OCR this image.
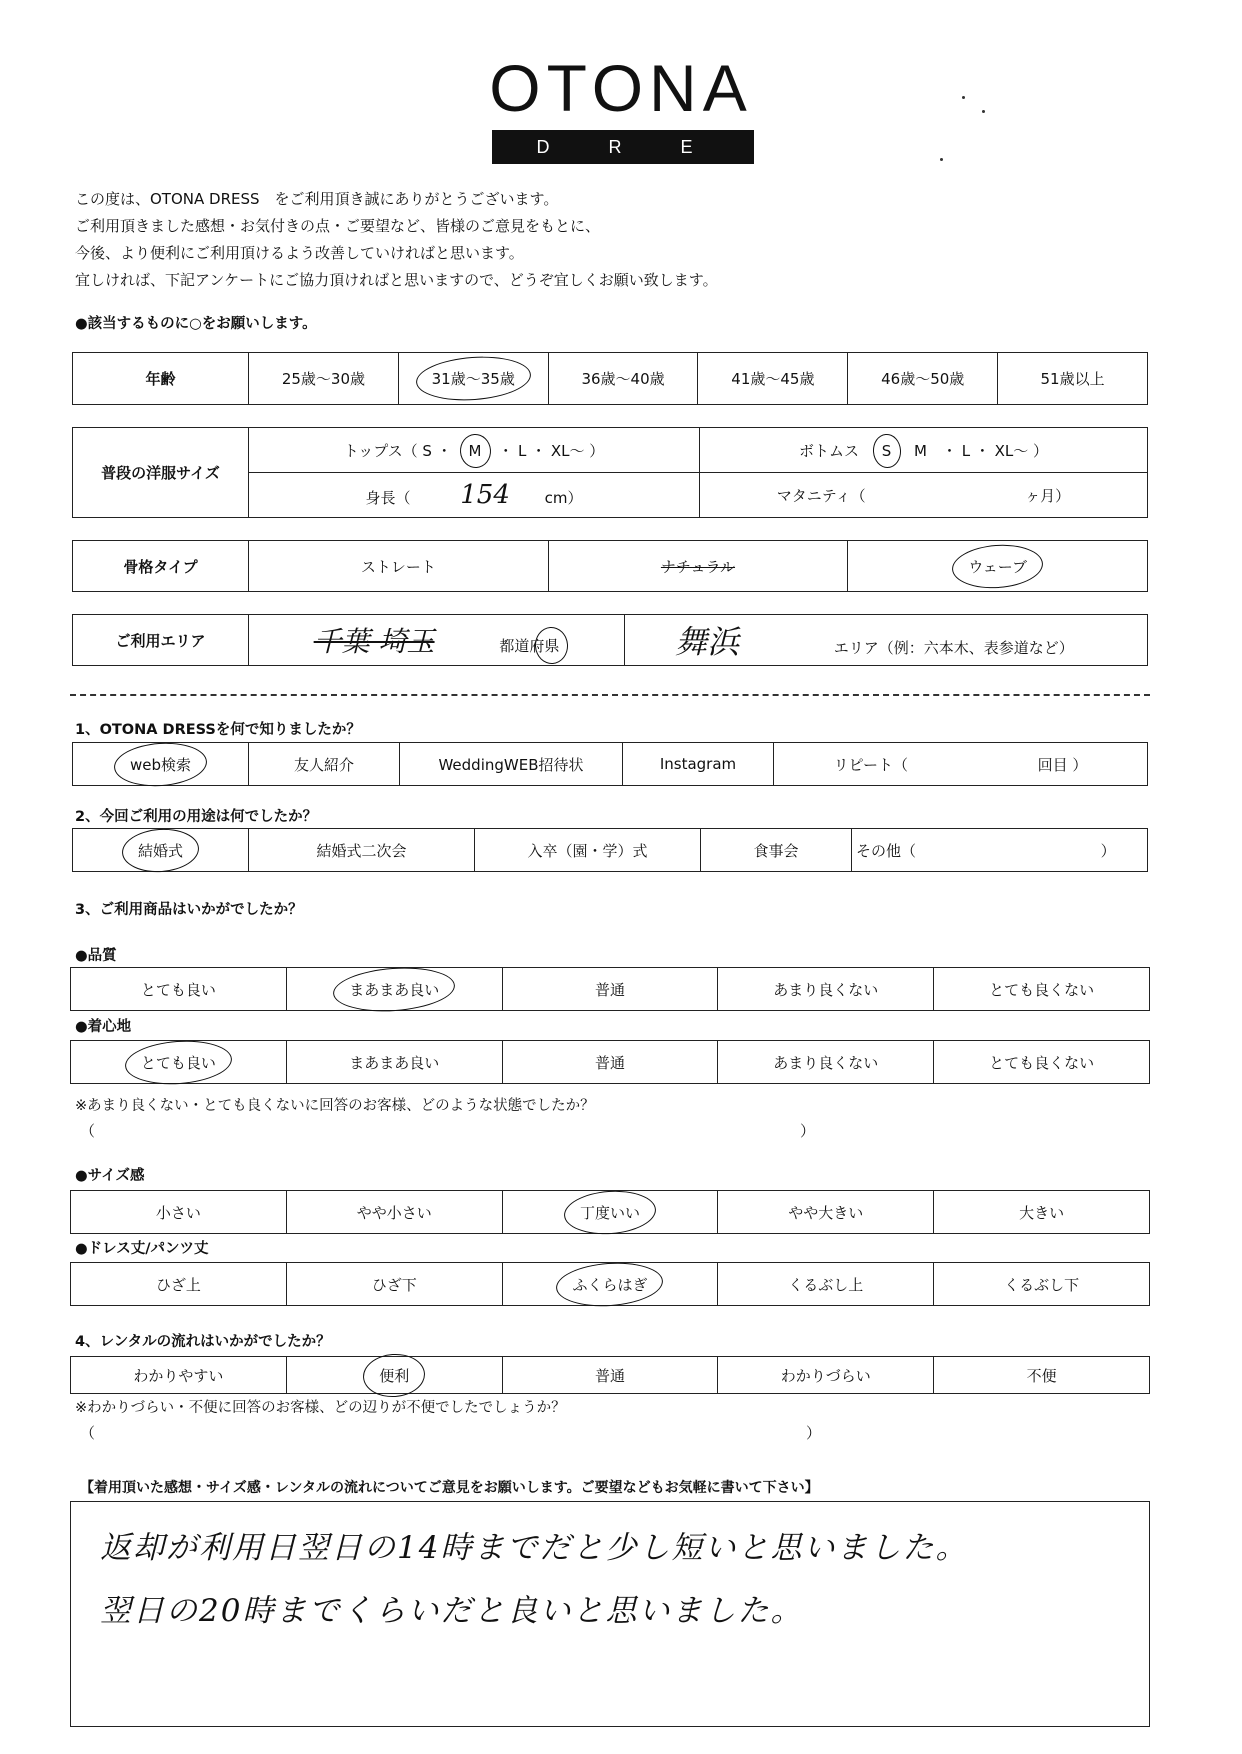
OTONA
D R E S S
この度は、OTONA DRESS　をご利用頂き誠にありがとうございます。
ご利用頂きました感想・お気付きの点・ご要望など、皆様のご意見をもとに、
今後、より便利にご利用頂けるよう改善していければと思います。
宜しければ、下記アンケートにご協力頂ければと思いますので、どうぞ宜しくお願い致します。
●該当するものに○をお願いします。
年齢	25歳〜30歳	31歳〜35歳	36歳〜40歳	41歳〜45歳	46歳〜50歳	51歳以上
普段の洋服サイズ	トップス（ S ・ M ・ L ・ XL〜 ）	ボトムス S M　・ L ・ XL〜 ）
	身長（ 154 cm）	マタニティ（ ヶ月）
骨格タイプ	ストレート	ナチュラル	ウェーブ
ご利用エリア	千葉 埼玉	都道府県	舞浜	エリア（例：六本木、表参道など）
1、OTONA DRESSを何で知りましたか？
web検索	友人紹介	WeddingWEB招待状	Instagram	リピート（	回目 ）
2、今回ご利用の用途は何でしたか？
結婚式	結婚式二次会	入卒（園・学）式	食事会	その他（	）
3、ご利用商品はいかがでしたか？
●品質
とても良い	まあまあ良い	普通	あまり良くない	とても良くない
●着心地
とても良い	まあまあ良い	普通	あまり良くない	とても良くない
※あまり良くない・とても良くないに回答のお客様、どのような状態でしたか？
（	）
●サイズ感
小さい	やや小さい	丁度いい	やや大きい	大きい
●ドレス丈/パンツ丈
ひざ上	ひざ下	ふくらはぎ	くるぶし上	くるぶし下
4、レンタルの流れはいかがでしたか？
わかりやすい	便利	普通	わかりづらい	不便
※わかりづらい・不便に回答のお客様、どの辺りが不便でしたでしょうか？
（	）
【着用頂いた感想・サイズ感・レンタルの流れについてご意見をお願いします。ご要望などもお気軽に書いて下さい】
返却が利用日翌日の14時までだと少し短いと思いました。
翌日の20時までくらいだと良いと思いました。
